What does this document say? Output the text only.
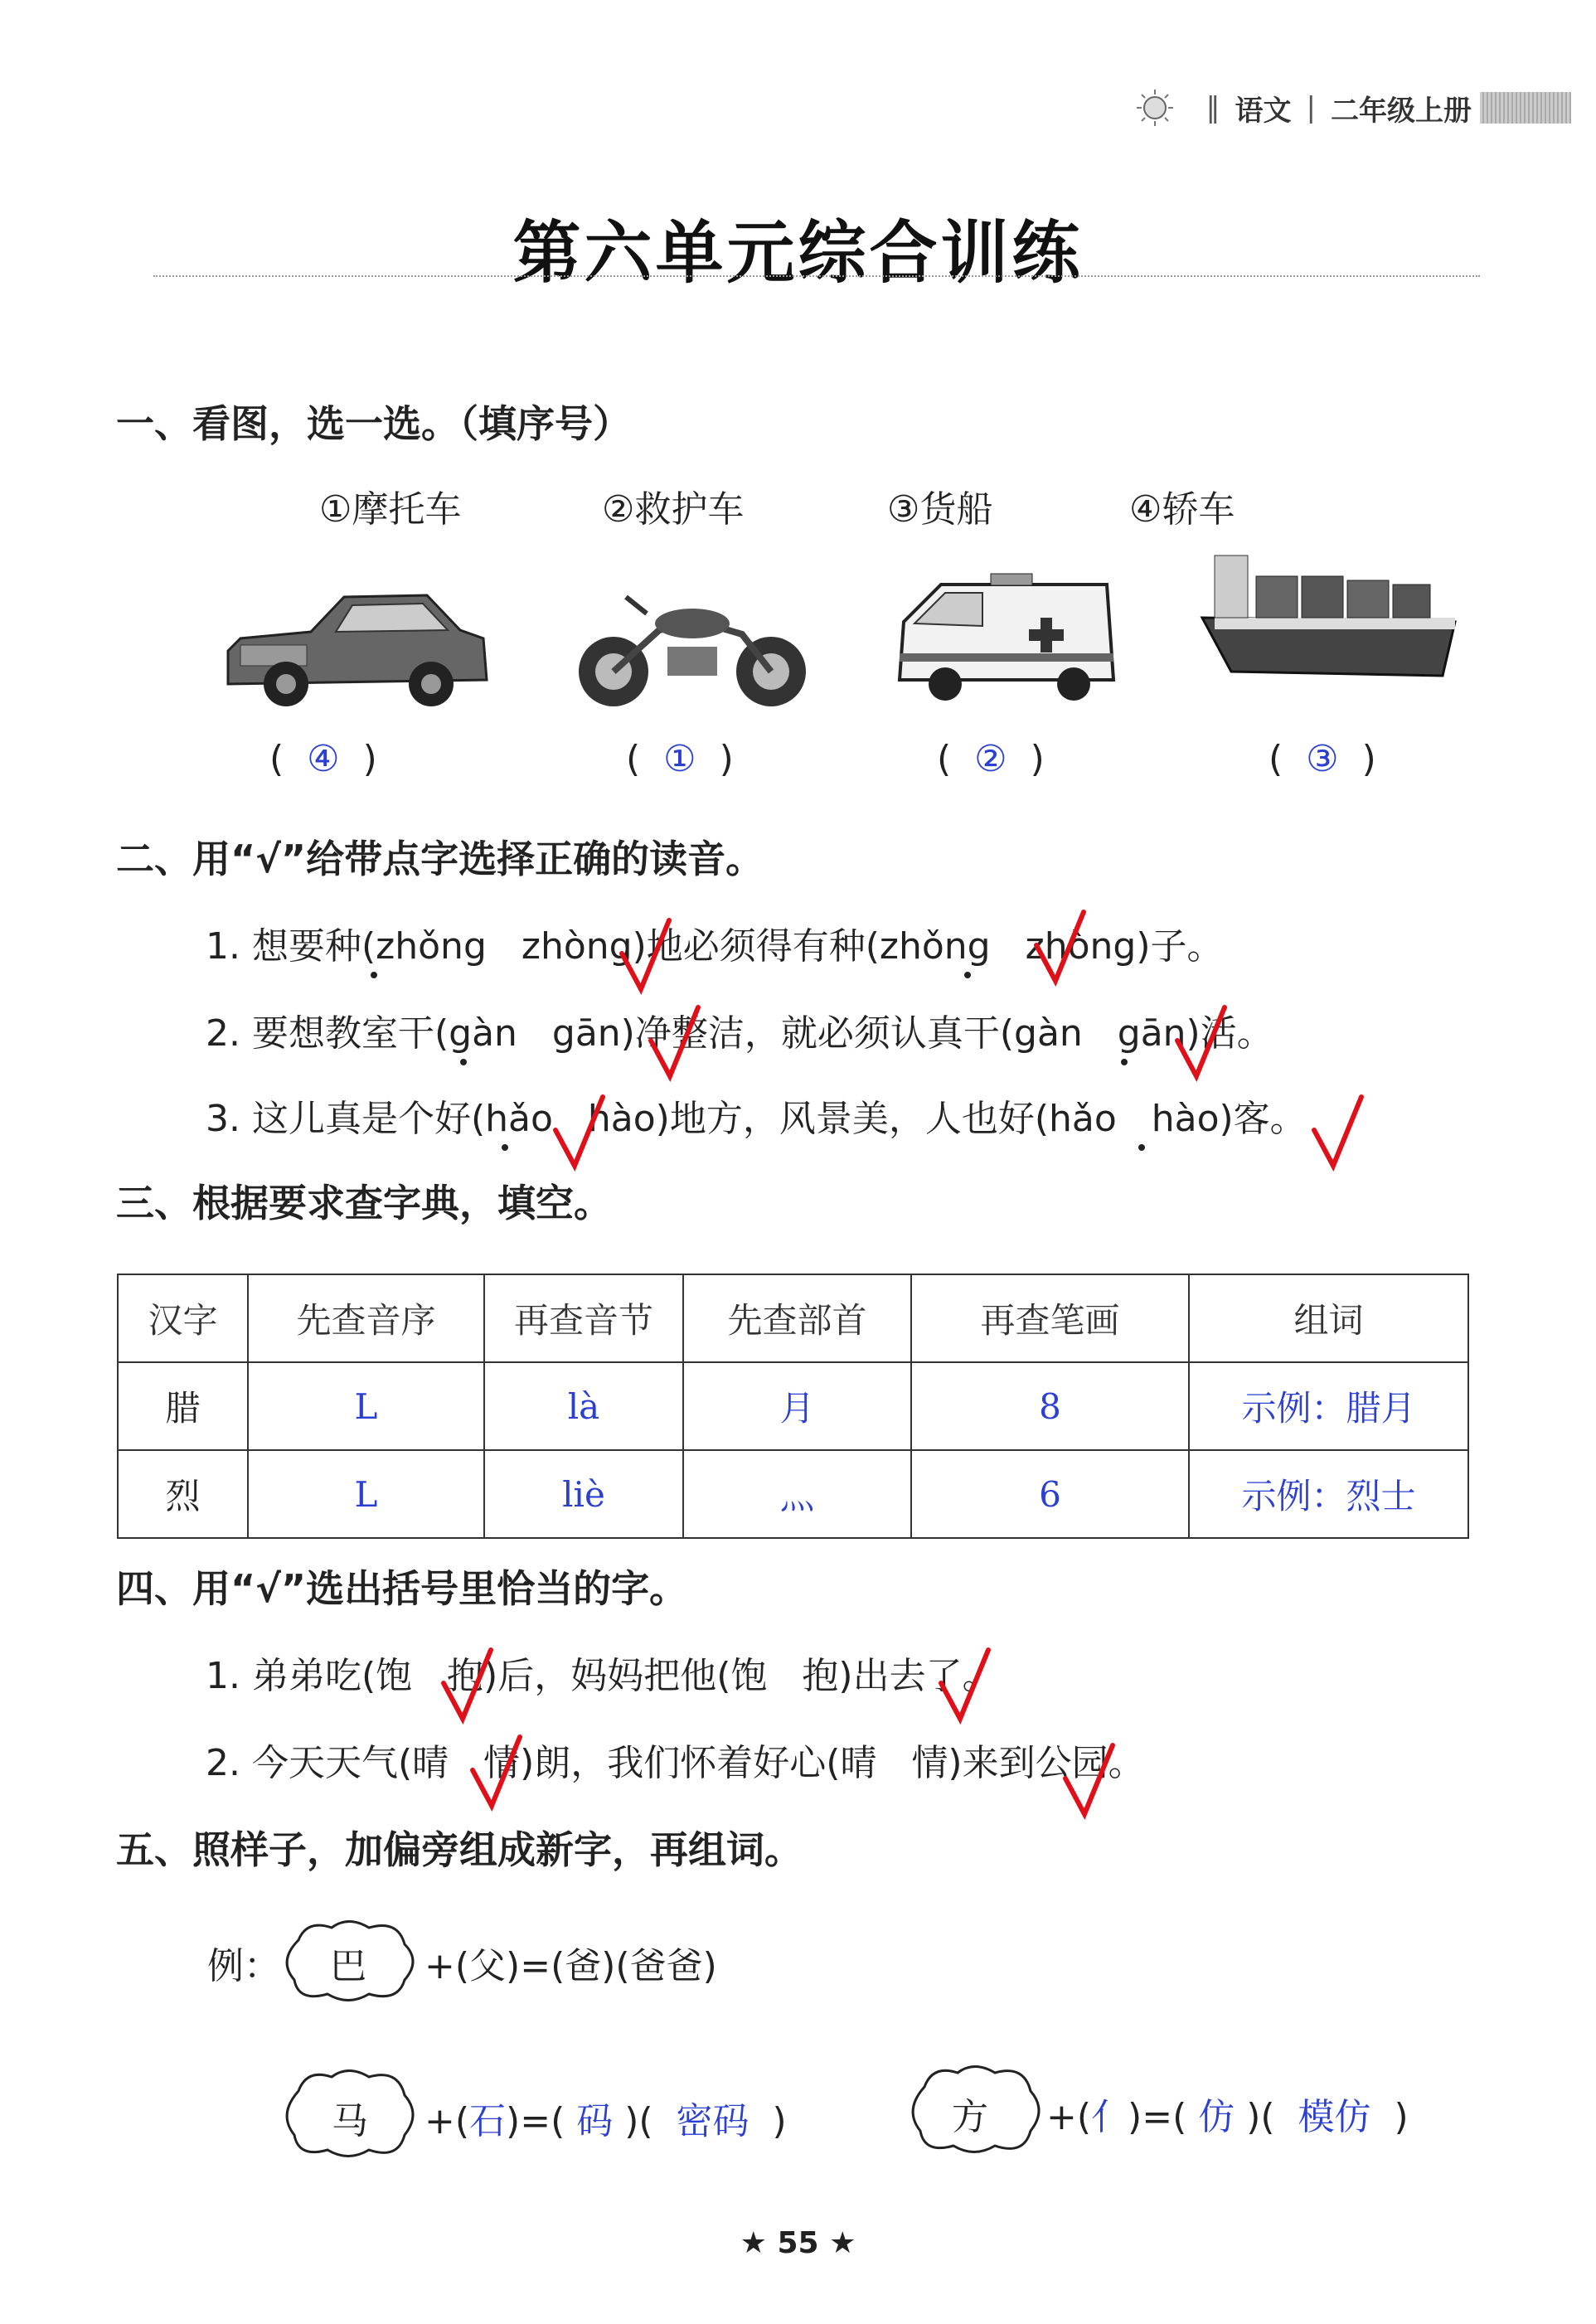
‖ 语文 | 二年级上册
第六单元综合训练
一、看图，选一选。（填序号）
①摩托车	②救护车	③货船	④轿车
(  ④  )	(  ①  )	(  ②  )	(  ③  )
二、用“√”给带点字选择正确的读音。
1. 想要种(zhǒng zhòng)地必须得有种(zhǒng zhòng)子。
2. 要想教室干(gàn gān)净整洁，就必须认真干(gàn gān)活。
3. 这儿真是个好(hǎo hào)地方，风景美，人也好(hǎo hào)客。
三、根据要求查字典，填空。
汉字	先查音序	再查音节	先查部首	再查笔画	组词
腊	L	là	月	8	示例：腊月
烈	L	liè	灬	6	示例：烈士
四、用“√”选出括号里恰当的字。
1. 弟弟吃(饱 抱)后，妈妈把他(饱 抱)出去了。
2. 今天天气(晴 情)朗，我们怀着好心(晴 情)来到公园。
五、照样子，加偏旁组成新字，再组词。
例： 巴 +(父)=(爸)(爸爸)
马 +(石)=( 码 )(  密码  )	方 +(亻)=( 仿 )(  模仿  )
★ 55 ★
